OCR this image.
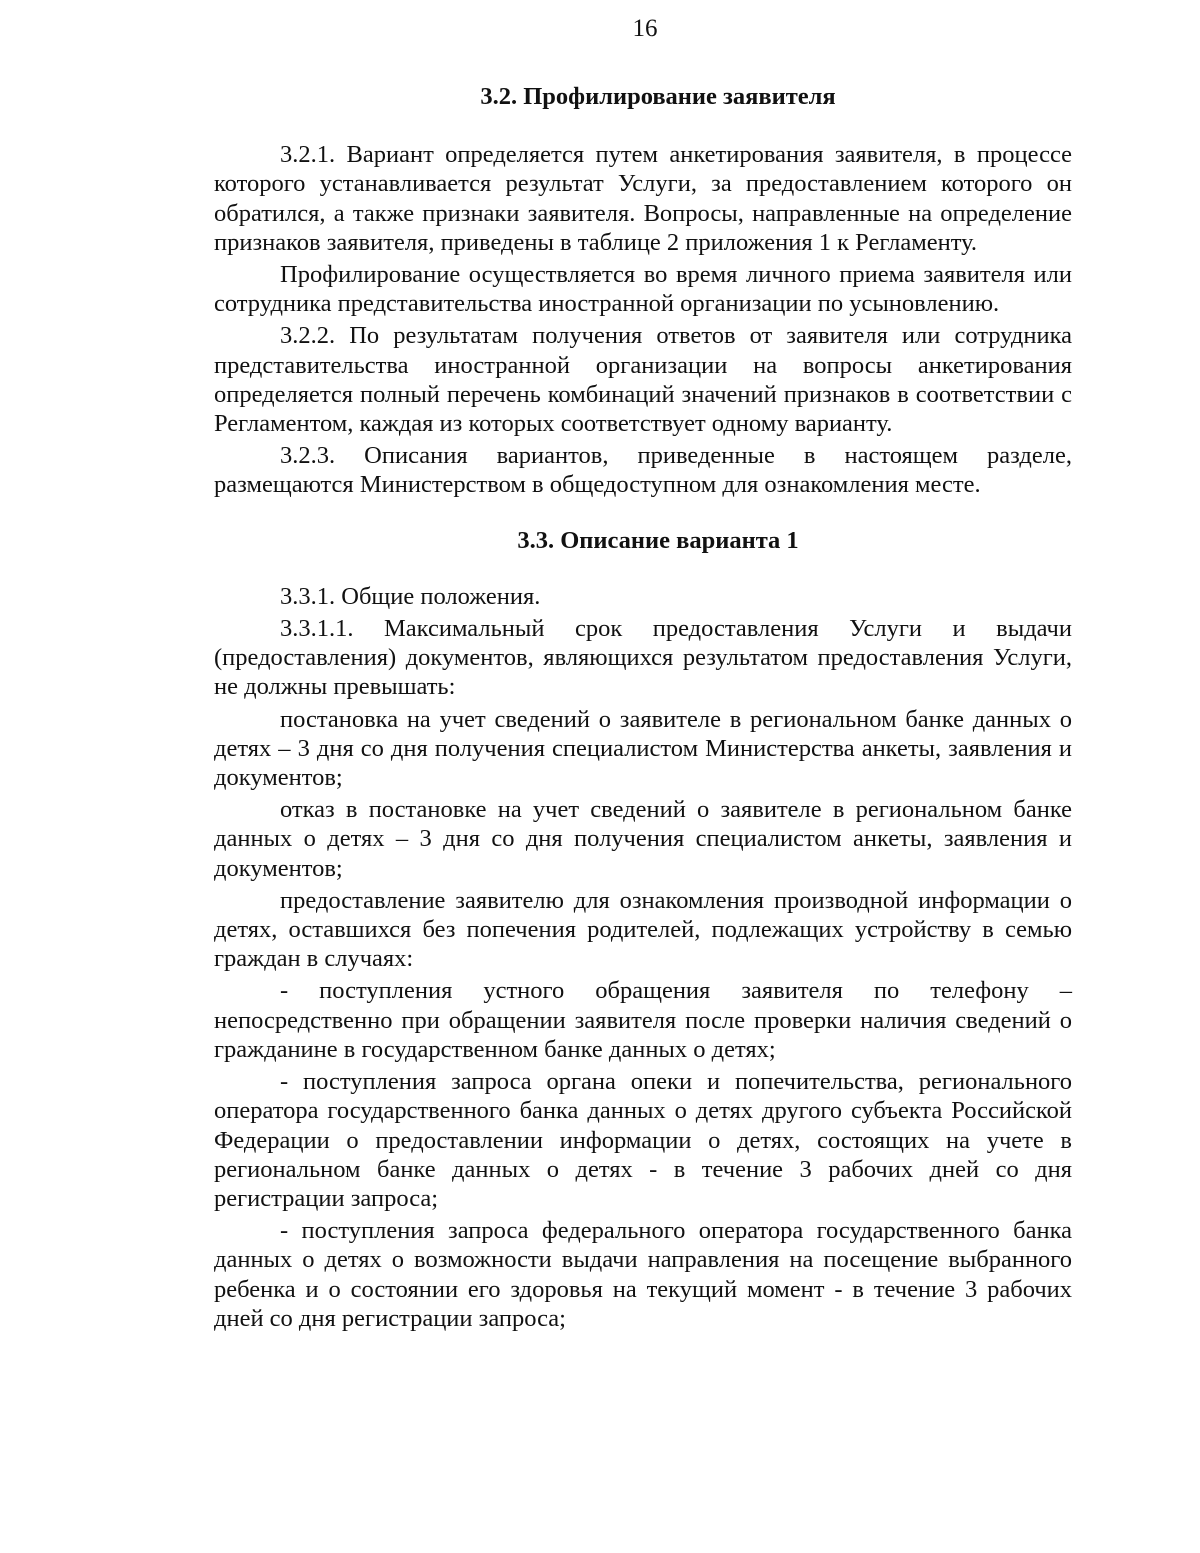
16
3.2. Профилирование заявителя

3.2.1. Вариант определяется путем анкетирования заявителя, в процессе которого устанавливается результат Услуги, за предоставлением которого он обратился, а также признаки заявителя. Вопросы, направленные на определение признаков заявителя, приведены в таблице 2 приложения 1 к Регламенту.

Профилирование осуществляется во время личного приема заявителя или сотрудника представительства иностранной организации по усыновлению.

3.2.2. По результатам получения ответов от заявителя или сотрудника представительства иностранной организации на вопросы анкетирования определяется полный перечень комбинаций значений признаков в соответствии с Регламентом, каждая из которых соответствует одному варианту.

3.2.3. Описания вариантов, приведенные в настоящем разделе, размещаются Министерством в общедоступном для ознакомления месте.

3.3. Описание варианта 1

3.3.1. Общие положения.

3.3.1.1. Максимальный срок предоставления Услуги и выдачи (предоставления) документов, являющихся результатом предоставления Услуги, не должны превышать:

постановка на учет сведений о заявителе в региональном банке данных о детях – 3 дня со дня получения специалистом Министерства анкеты, заявления и документов;

отказ в постановке на учет сведений о заявителе в региональном банке данных о детях – 3 дня со дня получения специалистом анкеты, заявления и документов;

предоставление заявителю для ознакомления производной информации о детях, оставшихся без попечения родителей, подлежащих устройству в семью граждан в случаях:

- поступления устного обращения заявителя по телефону – непосредственно при обращении заявителя после проверки наличия сведений о гражданине в государственном банке данных о детях;

- поступления запроса органа опеки и попечительства, регионального оператора государственного банка данных о детях другого субъекта Российской Федерации о предоставлении информации о детях, состоящих на учете в региональном банке данных о детях - в течение 3 рабочих дней со дня регистрации запроса;

- поступления запроса федерального оператора государственного банка данных о детях о возможности выдачи направления на посещение выбранного ребенка и о состоянии его здоровья на текущий момент - в течение 3 рабочих дней со дня регистрации запроса;
